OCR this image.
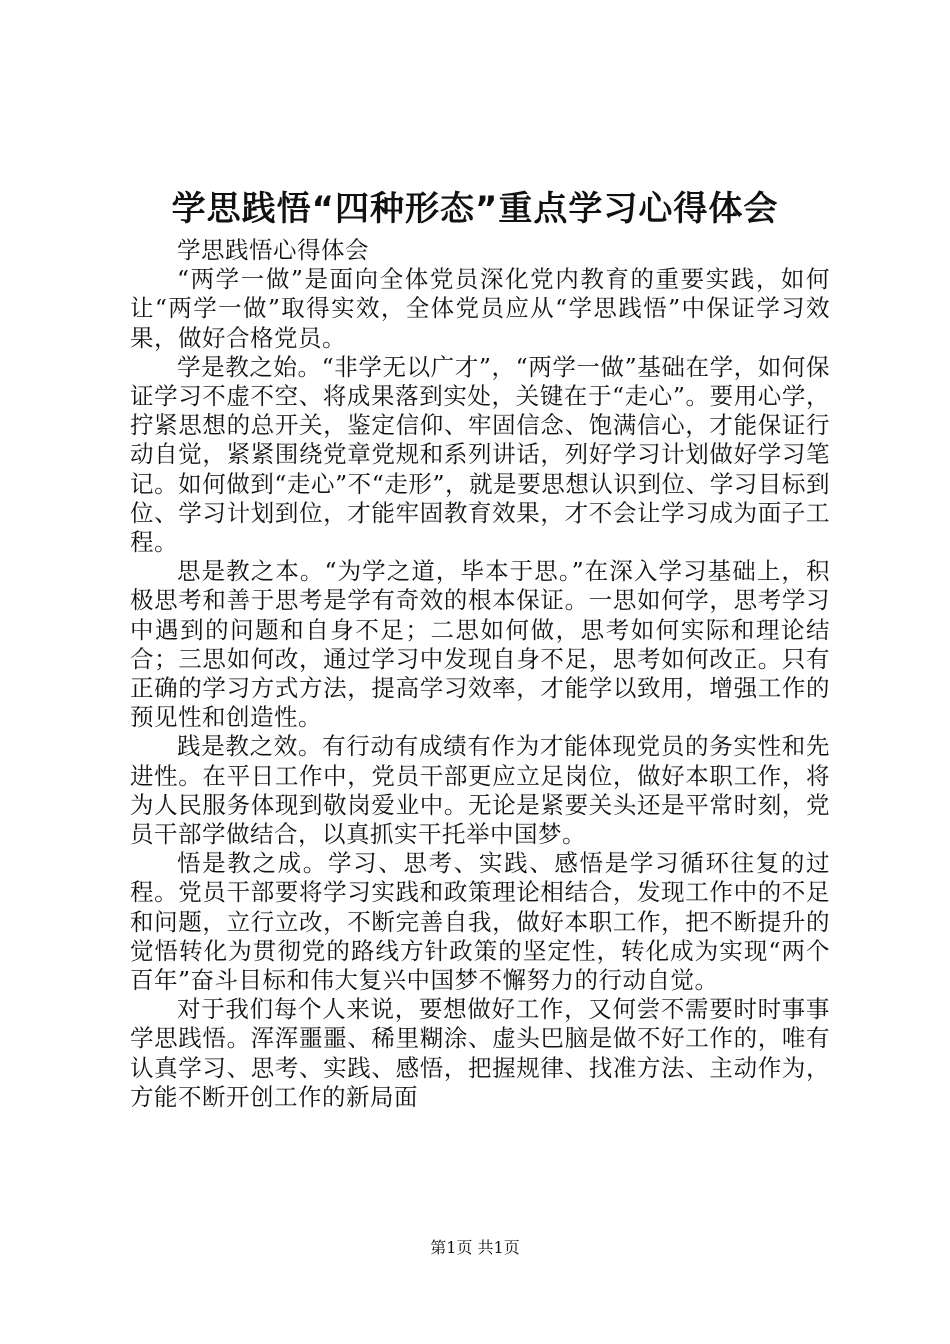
学思践悟“四种形态”重点学习心得体会

学思践悟心得体会

“两学一做”是面向全体党员深化党内教育的重要实践，如何让“两学一做”取得实效，全体党员应从“学思践悟”中保证学习效果，做好合格党员。

学是教之始。“非学无以广才”，“两学一做”基础在学，如何保证学习不虚不空、将成果落到实处，关键在于“走心”。要用心学，拧紧思想的总开关，鉴定信仰、牢固信念、饱满信心，才能保证行动自觉，紧紧围绕党章党规和系列讲话，列好学习计划做好学习笔记。如何做到“走心”不“走形”，就是要思想认识到位、学习目标到位、学习计划到位，才能牢固教育效果，才不会让学习成为面子工程。

思是教之本。“为学之道，毕本于思。”在深入学习基础上，积极思考和善于思考是学有奇效的根本保证。一思如何学，思考学习中遇到的问题和自身不足；二思如何做，思考如何实际和理论结合；三思如何改，通过学习中发现自身不足，思考如何改正。只有正确的学习方式方法，提高学习效率，才能学以致用，增强工作的预见性和创造性。

践是教之效。有行动有成绩有作为才能体现党员的务实性和先进性。在平日工作中，党员干部更应立足岗位，做好本职工作，将为人民服务体现到敬岗爱业中。无论是紧要关头还是平常时刻，党员干部学做结合，以真抓实干托举中国梦。

悟是教之成。学习、思考、实践、感悟是学习循环往复的过程。党员干部要将学习实践和政策理论相结合，发现工作中的不足和问题，立行立改，不断完善自我，做好本职工作，把不断提升的觉悟转化为贯彻党的路线方针政策的坚定性，转化成为实现“两个百年”奋斗目标和伟大复兴中国梦不懈努力的行动自觉。

对于我们每个人来说，要想做好工作，又何尝不需要时时事事学思践悟。浑浑噩噩、稀里糊涂、虚头巴脑是做不好工作的，唯有认真学习、思考、实践、感悟，把握规律、找准方法、主动作为，方能不断开创工作的新局面

第1页 共1页
